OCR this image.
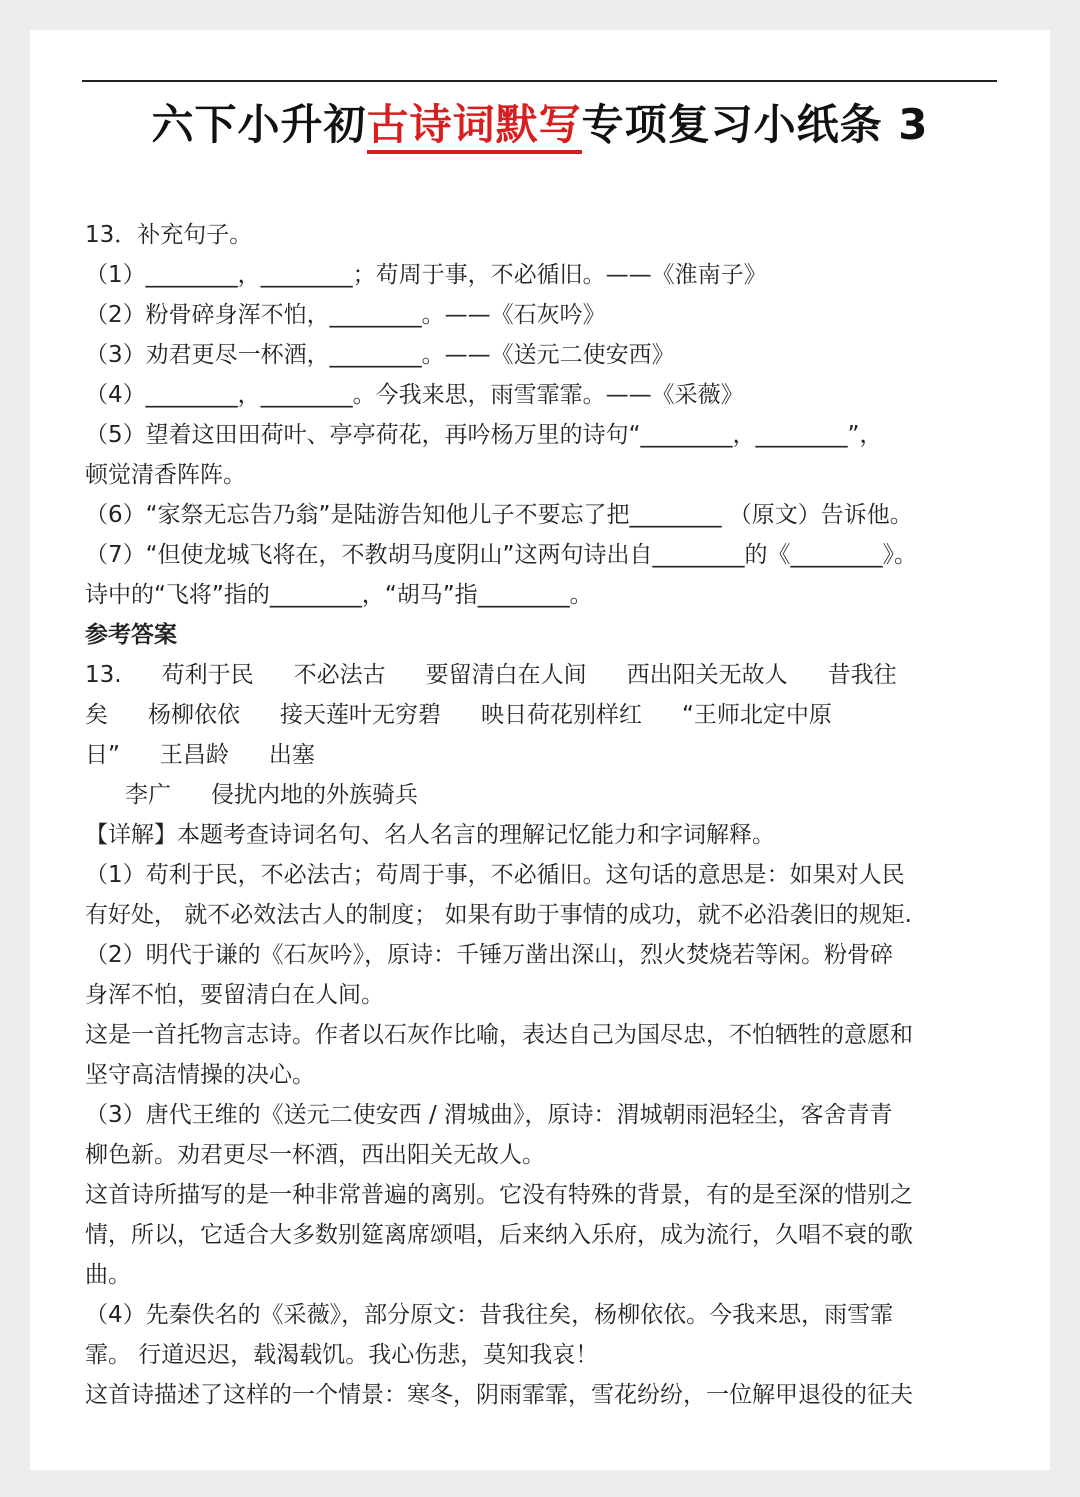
六下小升初古诗词默写专项复习小纸条 3
13．补充句子。
（1）________，________；苟周于事，不必循旧。——《淮南子》
（2）粉骨碎身浑不怕，________。——《石灰吟》
（3）劝君更尽一杯酒，________。——《送元二使安西》
（4）________，________。今我来思，雨雪霏霏。——《采薇》
（5）望着这田田荷叶、亭亭荷花，再吟杨万里的诗句“________，________”，
顿觉清香阵阵。
（6）“家祭无忘告乃翁”是陆游告知他儿子不要忘了把________ （原文）告诉他。
（7）“但使龙城飞将在，不教胡马度阴山”这两句诗出自________的《________》。
诗中的“飞将”指的________，“胡马”指________。
参考答案
13. 苟利于民 不必法古 要留清白在人间 西出阳关无故人 昔我往
矣 杨柳依依 接天莲叶无穷碧 映日荷花别样红 “王师北定中原
日” 王昌龄 出塞
李广 侵扰内地的外族骑兵
【详解】本题考查诗词名句、名人名言的理解记忆能力和字词解释。
（1）苟利于民，不必法古；苟周于事，不必循旧。这句话的意思是：如果对人民
有好处， 就不必效法古人的制度； 如果有助于事情的成功，就不必沿袭旧的规矩.
（2）明代于谦的《石灰吟》，原诗：千锤万凿出深山，烈火焚烧若等闲。粉骨碎
身浑不怕，要留清白在人间。
这是一首托物言志诗。作者以石灰作比喻，表达自己为国尽忠，不怕牺牲的意愿和
坚守高洁情操的决心。
（3）唐代王维的《送元二使安西 / 渭城曲》，原诗：渭城朝雨浥轻尘，客舍青青
柳色新。劝君更尽一杯酒，西出阳关无故人。
这首诗所描写的是一种非常普遍的离别。它没有特殊的背景，有的是至深的惜别之
情，所以，它适合大多数别筵离席颂唱，后来纳入乐府，成为流行，久唱不衰的歌
曲。
（4）先秦佚名的《采薇》，部分原文：昔我往矣，杨柳依依。今我来思，雨雪霏
霏。 行道迟迟，载渴载饥。我心伤悲，莫知我哀！
这首诗描述了这样的一个情景：寒冬，阴雨霏霏，雪花纷纷，一位解甲退役的征夫
